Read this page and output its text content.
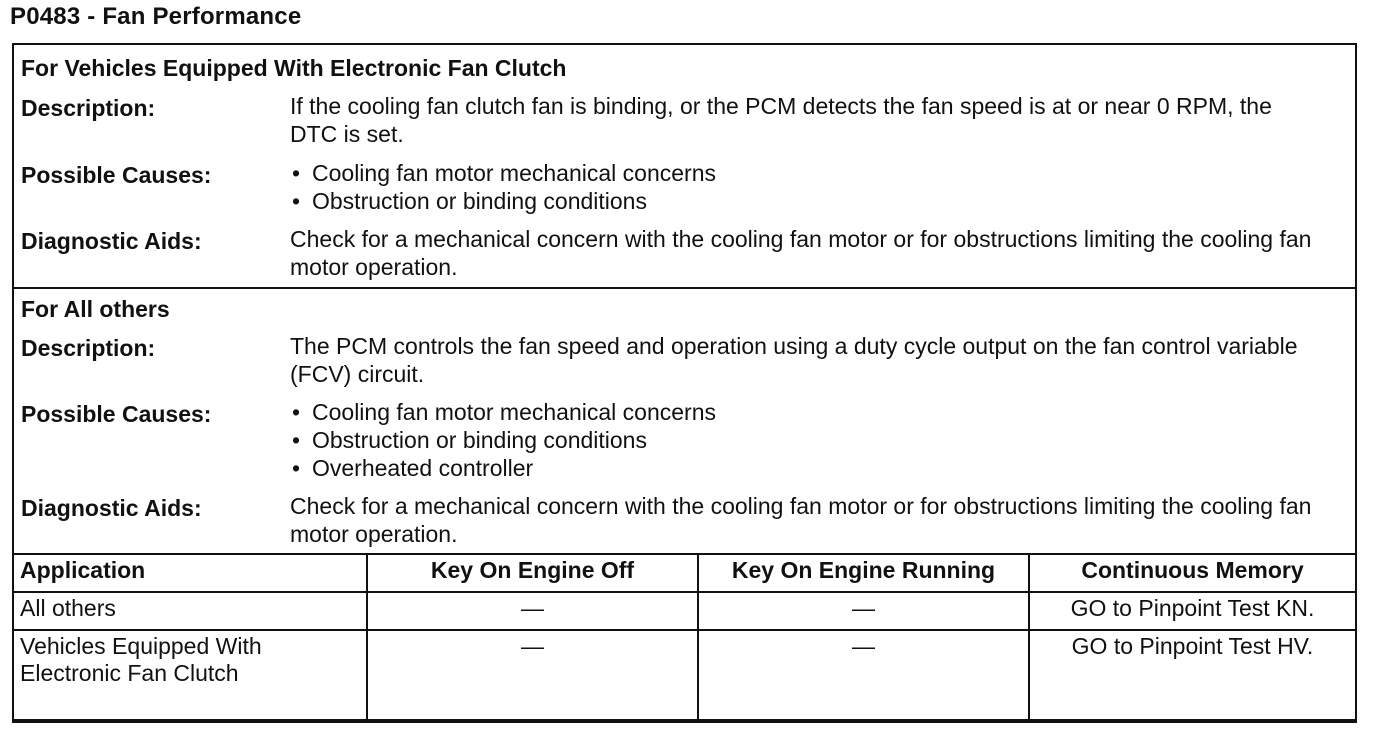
P0483 - Fan Performance
For Vehicles Equipped With Electronic Fan Clutch
Description:	If the cooling fan clutch fan is binding, or the PCM detects the fan speed is at or near 0 RPM, the DTC is set.
Possible Causes:	• Cooling fan motor mechanical concerns
• Obstruction or binding conditions
Diagnostic Aids:	Check for a mechanical concern with the cooling fan motor or for obstructions limiting the cooling fan motor operation.
For All others
Description:	The PCM controls the fan speed and operation using a duty cycle output on the fan control variable (FCV) circuit.
Possible Causes:	• Cooling fan motor mechanical concerns
• Obstruction or binding conditions
• Overheated controller
Diagnostic Aids:	Check for a mechanical concern with the cooling fan motor or for obstructions limiting the cooling fan motor operation.
Application	Key On Engine Off	Key On Engine Running	Continuous Memory
All others	—	—	GO to Pinpoint Test KN.
Vehicles Equipped With Electronic Fan Clutch	—	—	GO to Pinpoint Test HV.
